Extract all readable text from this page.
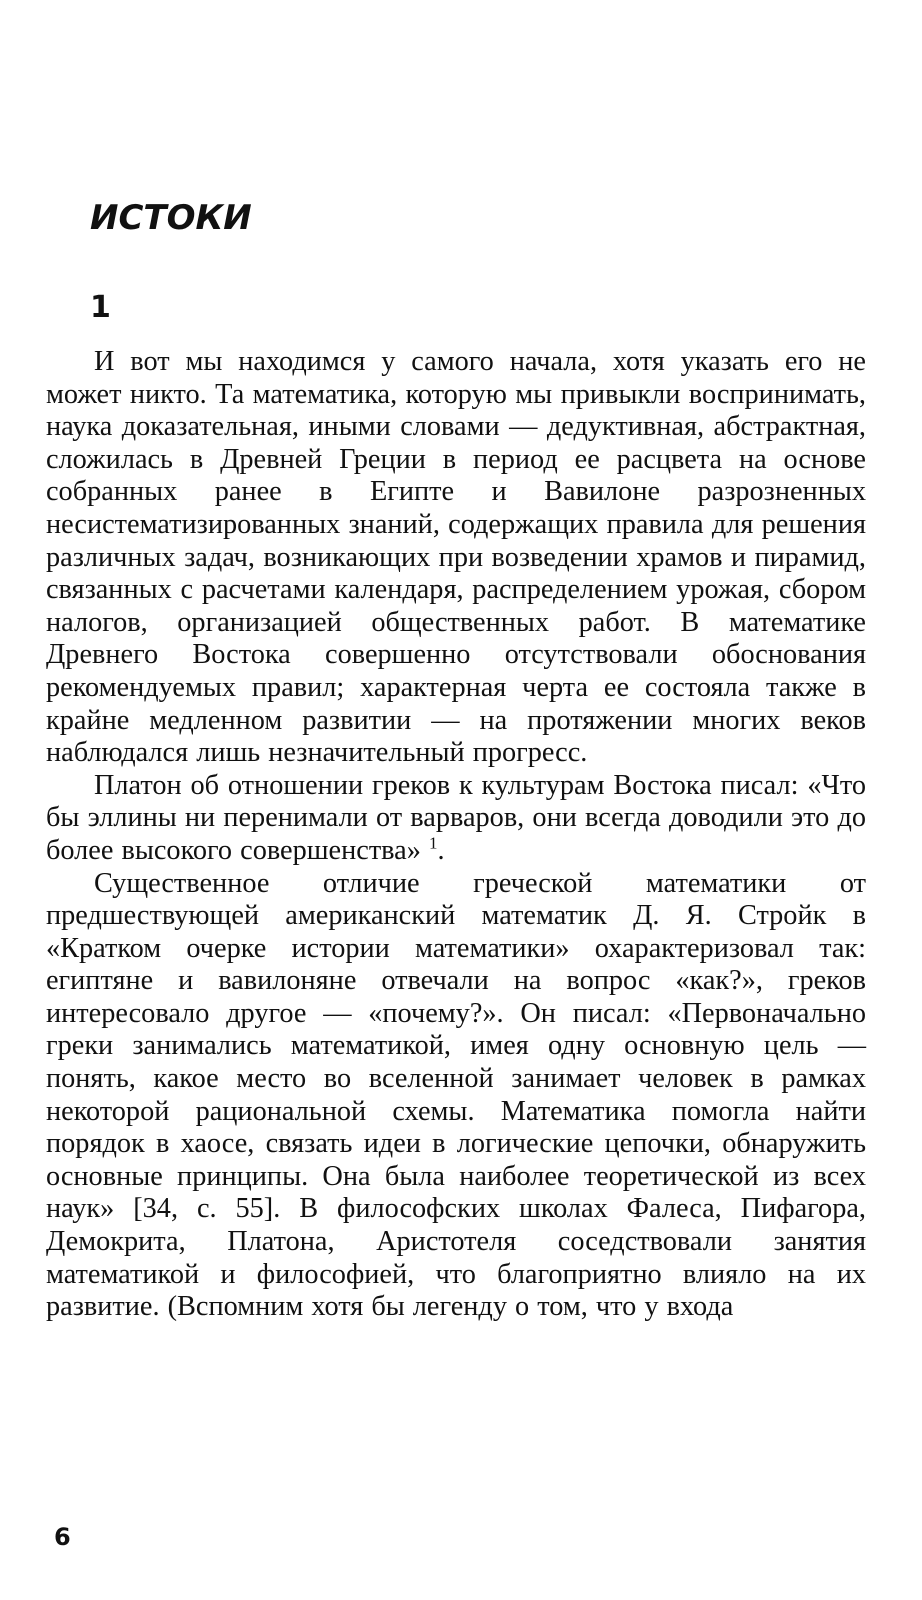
ИСТОКИ
1

И вот мы находимся у самого начала, хотя указать его не может никто. Та математика, которую мы привыкли воспринимать, наука доказательная, иными словами — дедуктивная, абстрактная, сложилась в Древней Греции в период ее расцвета на основе собранных ранее в Египте и Вавилоне разрозненных несистематизированных знаний, содержащих правила для решения различных задач, возникающих при возведении храмов и пирамид, связанных с расчетами календаря, распределением урожая, сбором налогов, организацией общественных работ. В математике Древнего Востока совершенно отсутствовали обоснования рекомендуемых правил; характерная черта ее состояла также в крайне медленном развитии — на протяжении многих веков наблюдался лишь незначительный прогресс.

Платон об отношении греков к культурам Востока писал: «Что бы эллины ни перенимали от варваров, они всегда доводили это до более высокого совершенства» $^1$.

Существенное отличие греческой математики от предшествующей американский математик Д. Я. Стройк в «Кратком очерке истории математики» охарактеризовал так: египтяне и вавилоняне отвечали на вопрос «как?», греков интересовало другое — «почему?». Он писал: «Первоначально греки занимались математикой, имея одну основную цель — понять, какое место во вселенной занимает человек в рамках некоторой рациональной схемы. Математика помогла найти порядок в хаосе, связать идеи в логические цепочки, обнаружить основные принципы. Она была наиболее теоретической из всех наук» [34, с. 55]. В философских школах Фалеса, Пифагора, Демокрита, Платона, Аристотеля соседствовали занятия математикой и философией, что благоприятно влияло на их развитие. (Вспомним хотя бы легенду о том, что у входа

6
